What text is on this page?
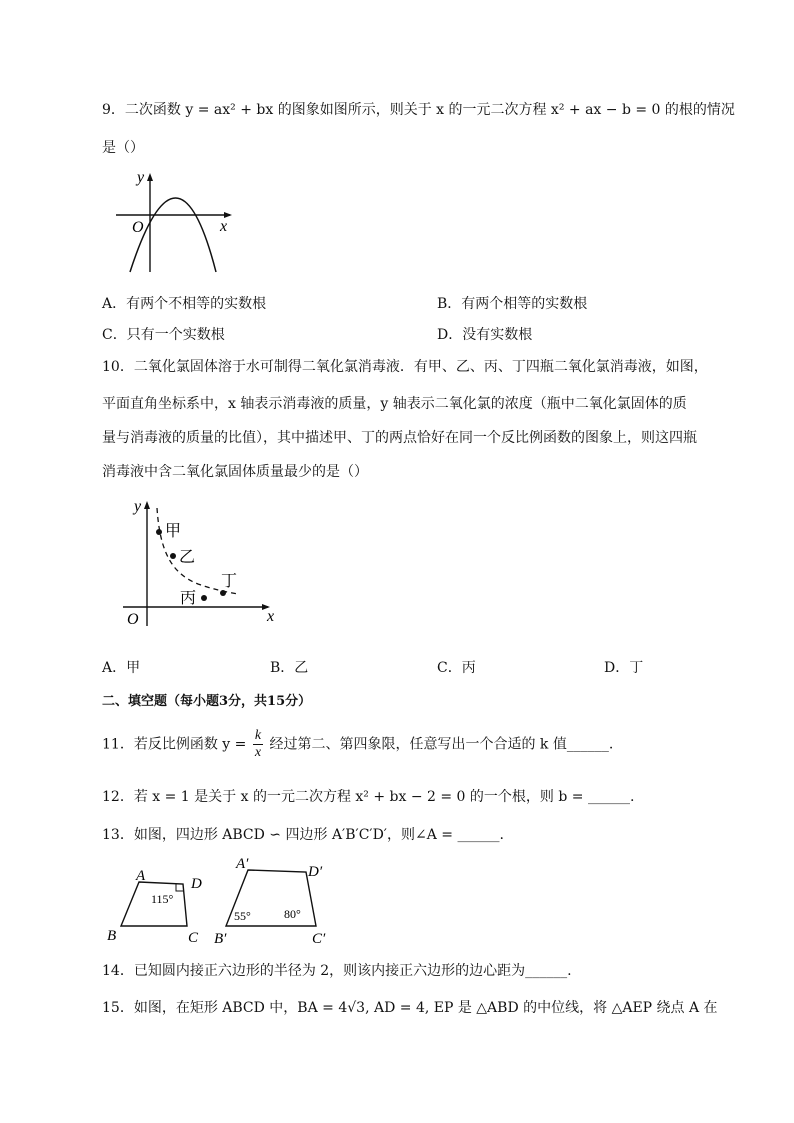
9．二次函数 y = ax² + bx 的图象如图所示，则关于 x 的一元二次方程 x² + ax − b = 0 的根的情况
是（）
y
x
O
A．有两个不相等的实数根	B．有两个相等的实数根
C．只有一个实数根	D．没有实数根
10．二氧化氯固体溶于水可制得二氧化氯消毒液．有甲、乙、丙、丁四瓶二氧化氯消毒液，如图，
平面直角坐标系中，x 轴表示消毒液的质量，y 轴表示二氧化氯的浓度（瓶中二氧化氯固体的质
量与消毒液的质量的比值），其中描述甲、丁的两点恰好在同一个反比例函数的图象上，则这四瓶
消毒液中含二氧化氯固体质量最少的是（）
y
x
O
甲
乙
丙
丁
A．甲	B．乙	C．丙	D．丁
二、填空题（每小题3分，共15分）
11．若反比例函数 $y = \frac{k}{x}$ 经过第二、第四象限，任意写出一个合适的 k 值______.
12．若 x = 1 是关于 x 的一元二次方程 x² + bx − 2 = 0 的一个根，则 b = ______.
13．如图，四边形 ABCD ∽ 四边形 A′B′C′D′，则∠A = ______.
A
B	C
D
115°
A′
B′	C′
D′
55°	80°
14．已知圆内接正六边形的半径为 2，则该内接正六边形的边心距为______.
15．如图，在矩形 ABCD 中，BA = 4√3, AD = 4, EP 是 △ABD 的中位线，将 △AEP 绕点 A 在
